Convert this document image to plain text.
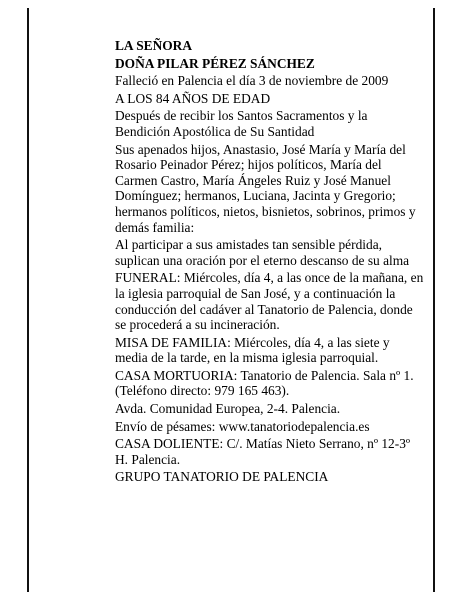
LA SEÑORA

DOÑA PILAR PÉREZ SÁNCHEZ

Falleció en Palencia el día 3 de noviembre de 2009

A LOS 84 AÑOS DE EDAD

Después de recibir los Santos Sacramentos y la Bendición Apostólica de Su Santidad

Sus apenados hijos, Anastasio, José María y María del Rosario Peinador Pérez; hijos políticos, María del Carmen Castro, María Ángeles Ruiz y José Manuel Domínguez; hermanos, Luciana, Jacinta y Gregorio; hermanos políticos, nietos, bisnietos, sobrinos, primos y demás familia:

Al participar a sus amistades tan sensible pérdida, suplican una oración por el eterno descanso de su alma

FUNERAL: Miércoles, día 4, a las once de la mañana, en la iglesia parroquial de San José, y a continuación la conducción del cadáver al Tanatorio de Palencia, donde se procederá a su incineración.

MISA DE FAMILIA: Miércoles, día 4, a las siete y media de la tarde, en la misma iglesia parroquial.

CASA MORTUORIA: Tanatorio de Palencia. Sala nº 1. (Teléfono directo: 979 165 463).

Avda. Comunidad Europea, 2-4. Palencia.

Envío de pésames: www.tanatoriodepalencia.es

CASA DOLIENTE: C/. Matías Nieto Serrano, nº 12-3º H. Palencia.

GRUPO TANATORIO DE PALENCIA
